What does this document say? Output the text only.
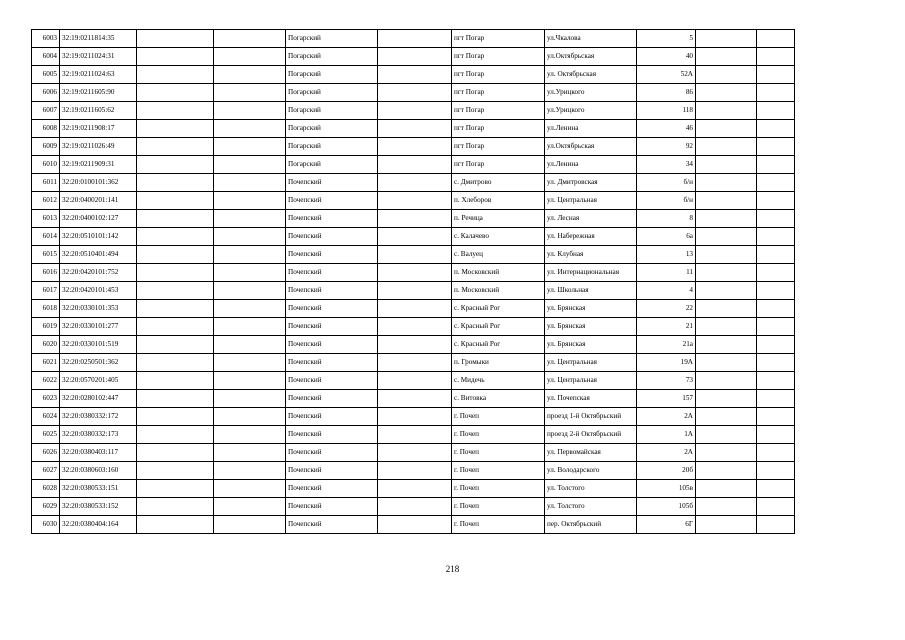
6003	32:19:0211814:35			Погарский		пгт Погар	ул.Чкалова	5		
6004	32:19:0211024:31			Погарский		пгт Погар	ул.Октябрьская	40		
6005	32:19:0211024:63			Погарский		пгт Погар	ул. Октябрьская	52А		
6006	32:19:0211605:90			Погарский		пгт Погар	ул.Урицкого	86		
6007	32:19:0211605:62			Погарский		пгт Погар	ул.Урицкого	118		
6008	32:19:0211908:17			Погарский		пгт Погар	ул.Ленина	46		
6009	32:19:0211026:49			Погарский		пгт Погар	ул.Октябрьская	92		
6010	32:19:0211909:31			Погарский		пгт Погар	ул.Ленина	34		
6011	32:20:0100101:362			Почепский		с. Дмитрово	ул. Дмитровская	б/н		
6012	32:20:0400201:141			Почепский		п. Хлеборов	ул. Центральная	б/н		
6013	32:20:0400102:127			Почепский		п. Речица	ул. Лесная	8		
6014	32:20:0510101:142			Почепский		с. Калачево	ул. Набережная	6а		
6015	32:20:0510401:494			Почепский		с. Валуец	ул. Клубная	13		
6016	32:20:0420101:752			Почепский		п. Московский	ул. Интернациональная	11		
6017	32:20:0420101:453			Почепский		п. Московский	ул. Школьная	4		
6018	32:20:0330101:353			Почепский		с. Красный Рог	ул. Брянская	22		
6019	32:20:0330101:277			Почепский		с. Красный Рог	ул. Брянская	21		
6020	32:20:0330101:519			Почепский		с. Красный Рог	ул. Брянская	21а		
6021	32:20:0250501:362			Почепский		п. Громыки	ул. Центральная	19А		
6022	32:20:0570201:405			Почепский		с. Мидечь	ул. Центральная	73		
6023	32:20:0280102:447			Почепский		с. Витовка	ул. Почепская	157		
6024	32:20:0380332:172			Почепский		г. Почеп	проезд 1-й Октябрьский	2А		
6025	32:20:0380332:173			Почепский		г. Почеп	проезд 2-й Октябрьский	1А		
6026	32:20:0380403:117			Почепский		г. Почеп	ул. Первомайская	2А		
6027	32:20:0380603:160			Почепский		г. Почеп	ул. Володарского	20б		
6028	32:20:0380533:151			Почепский		г. Почеп	ул. Толстого	105в		
6029	32:20:0380533:152			Почепский		г. Почеп	ул. Толстого	105б		
6030	32:20:0380404:164			Почепский		г. Почеп	пер. Октябрьский	6Г		
218
